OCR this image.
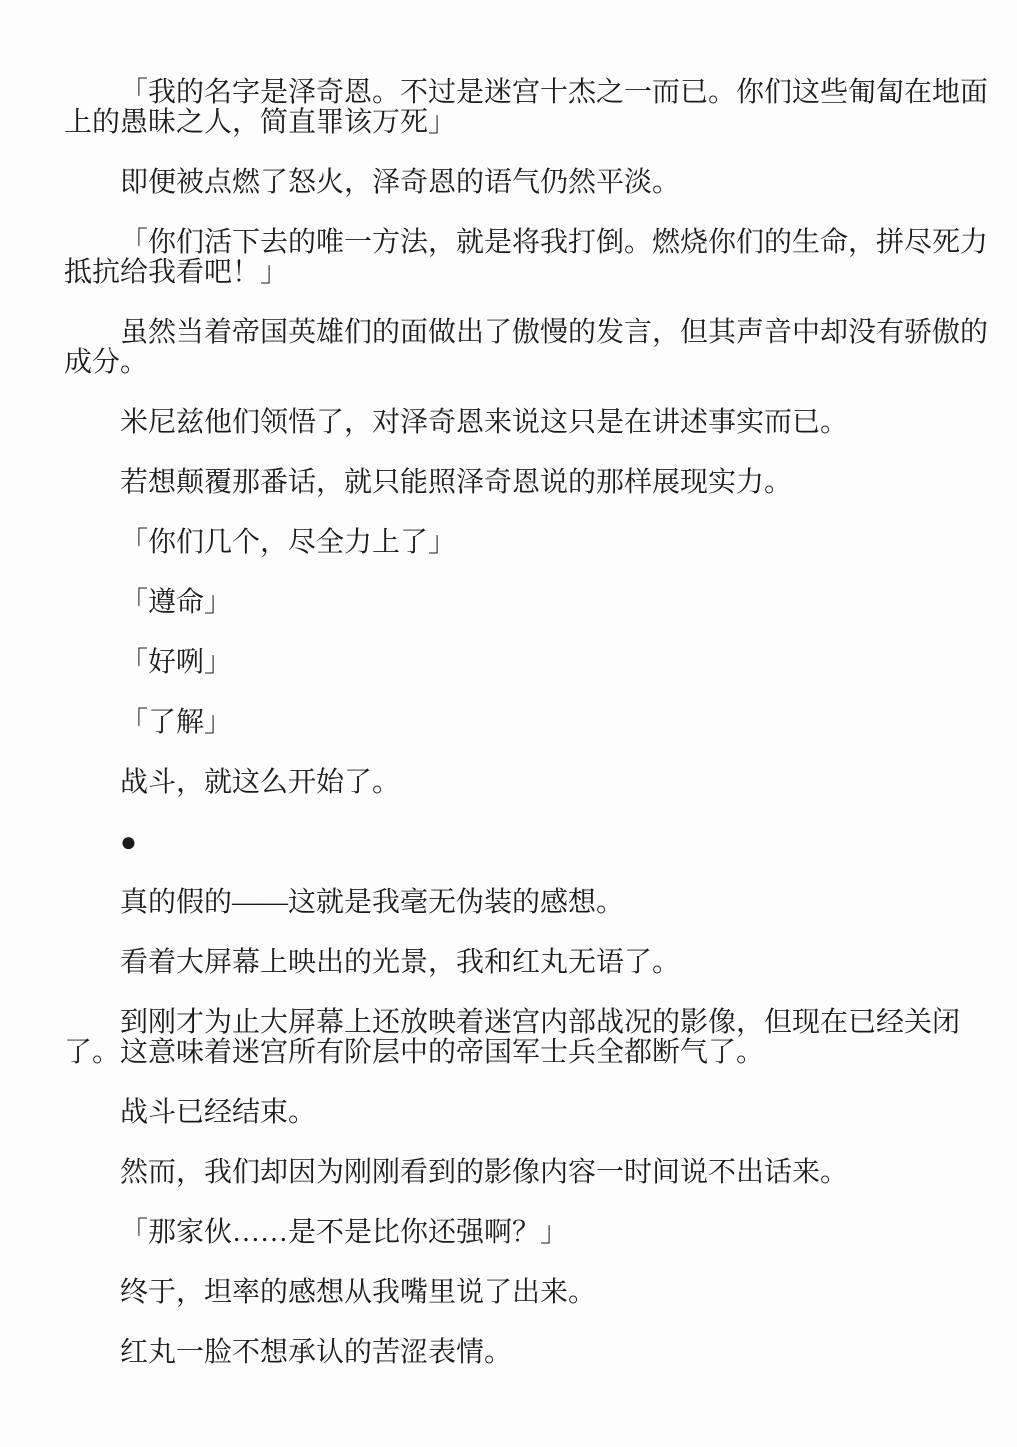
「我的名字是泽奇恩。不过是迷宫十杰之一而已。你们这些匍匐在地面上的愚昧之人，简直罪该万死」

即便被点燃了怒火，泽奇恩的语气仍然平淡。

「你们活下去的唯一方法，就是将我打倒。燃烧你们的生命，拼尽死力抵抗给我看吧！」

虽然当着帝国英雄们的面做出了傲慢的发言，但其声音中却没有骄傲的成分。

米尼兹他们领悟了，对泽奇恩来说这只是在讲述事实而已。

若想颠覆那番话，就只能照泽奇恩说的那样展现实力。

「你们几个，尽全力上了」

「遵命」

「好咧」

「了解」

战斗，就这么开始了。

●

真的假的——这就是我毫无伪装的感想。

看着大屏幕上映出的光景，我和红丸无语了。

到刚才为止大屏幕上还放映着迷宫内部战况的影像，但现在已经关闭了。这意味着迷宫所有阶层中的帝国军士兵全都断气了。

战斗已经结束。

然而，我们却因为刚刚看到的影像内容一时间说不出话来。

「那家伙……是不是比你还强啊？」

终于，坦率的感想从我嘴里说了出来。

红丸一脸不想承认的苦涩表情。
